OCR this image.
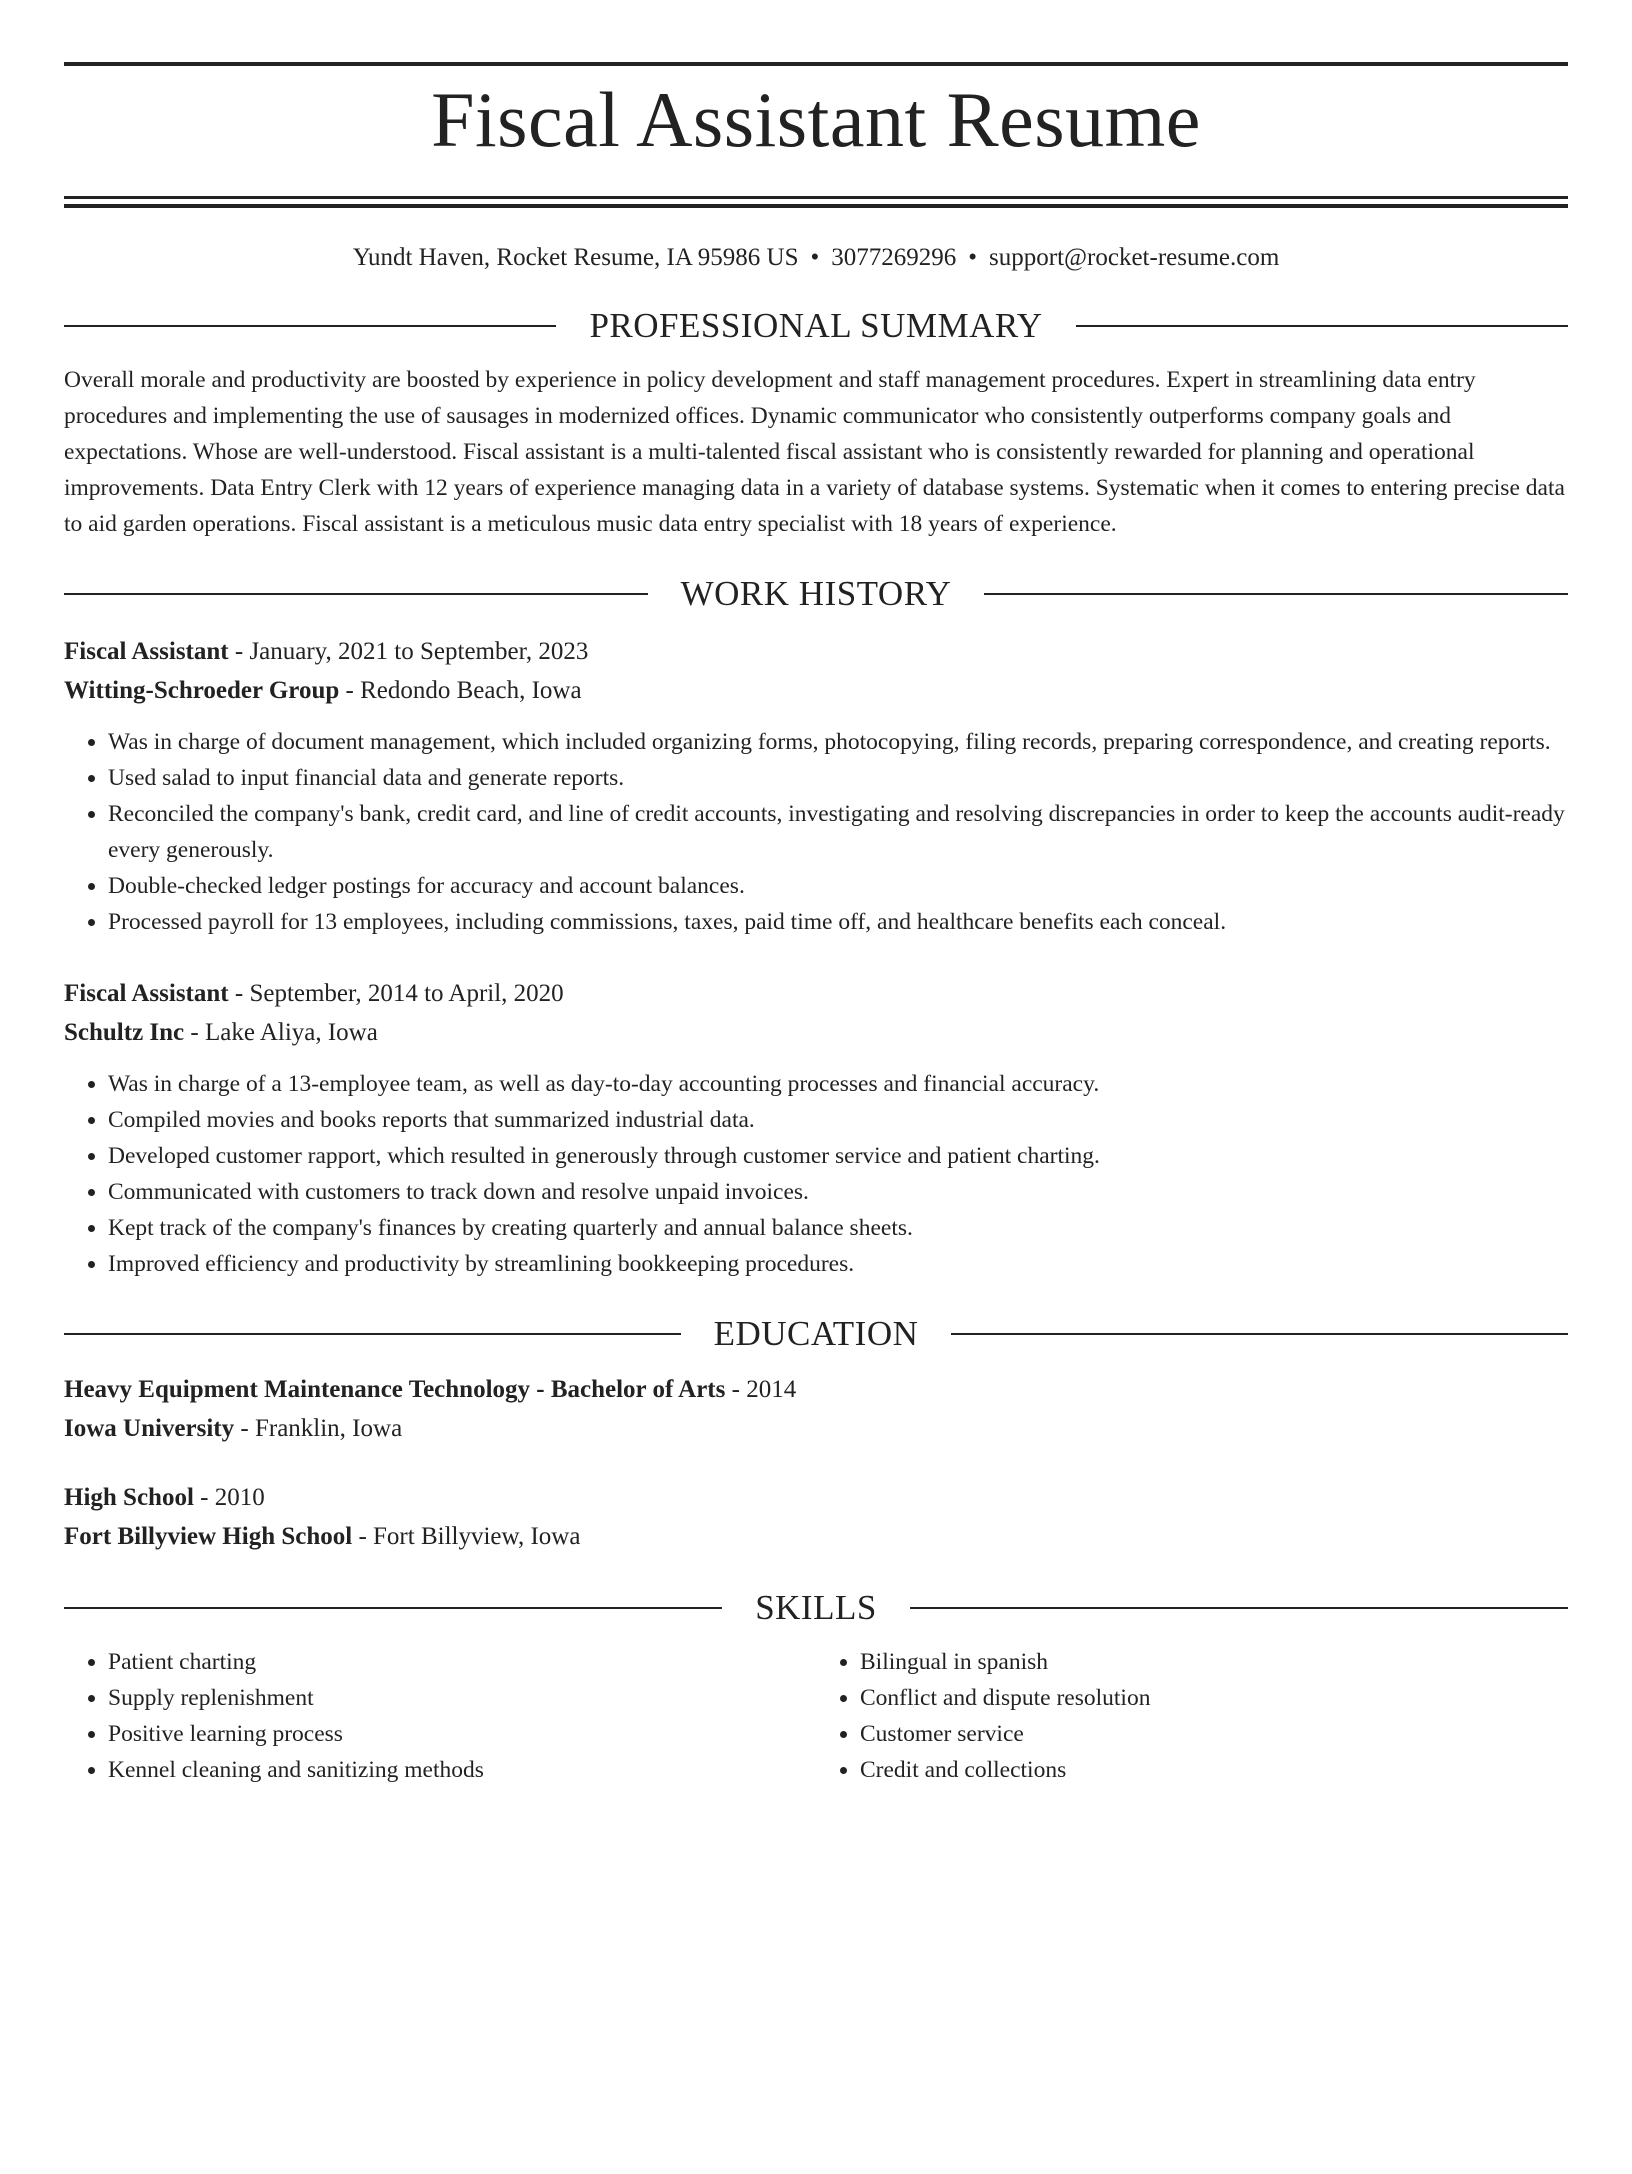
Fiscal Assistant Resume
Yundt Haven, Rocket Resume, IA 95986 US • 3077269296 • support@rocket-resume.com
PROFESSIONAL SUMMARY

Overall morale and productivity are boosted by experience in policy development and staff management procedures. Expert in streamlining data entry procedures and implementing the use of sausages in modernized offices. Dynamic communicator who consistently outperforms company goals and expectations. Whose are well-understood. Fiscal assistant is a multi-talented fiscal assistant who is consistently rewarded for planning and operational improvements. Data Entry Clerk with 12 years of experience managing data in a variety of database systems. Systematic when it comes to entering precise data to aid garden operations. Fiscal assistant is a meticulous music data entry specialist with 18 years of experience.

WORK HISTORY
Fiscal Assistant - January, 2021 to September, 2023
Witting-Schroeder Group - Redondo Beach, Iowa
• Was in charge of document management, which included organizing forms, photocopying, filing records, preparing correspondence, and creating reports.
• Used salad to input financial data and generate reports.
• Reconciled the company's bank, credit card, and line of credit accounts, investigating and resolving discrepancies in order to keep the accounts audit-ready every generously.
• Double-checked ledger postings for accuracy and account balances.
• Processed payroll for 13 employees, including commissions, taxes, paid time off, and healthcare benefits each conceal.
Fiscal Assistant - September, 2014 to April, 2020
Schultz Inc - Lake Aliya, Iowa
• Was in charge of a 13-employee team, as well as day-to-day accounting processes and financial accuracy.
• Compiled movies and books reports that summarized industrial data.
• Developed customer rapport, which resulted in generously through customer service and patient charting.
• Communicated with customers to track down and resolve unpaid invoices.
• Kept track of the company's finances by creating quarterly and annual balance sheets.
• Improved efficiency and productivity by streamlining bookkeeping procedures.
EDUCATION
Heavy Equipment Maintenance Technology - Bachelor of Arts - 2014
Iowa University - Franklin, Iowa
High School - 2010
Fort Billyview High School - Fort Billyview, Iowa
SKILLS
• Patient charting
• Supply replenishment
• Positive learning process
• Kennel cleaning and sanitizing methods
• Bilingual in spanish
• Conflict and dispute resolution
• Customer service
• Credit and collections
